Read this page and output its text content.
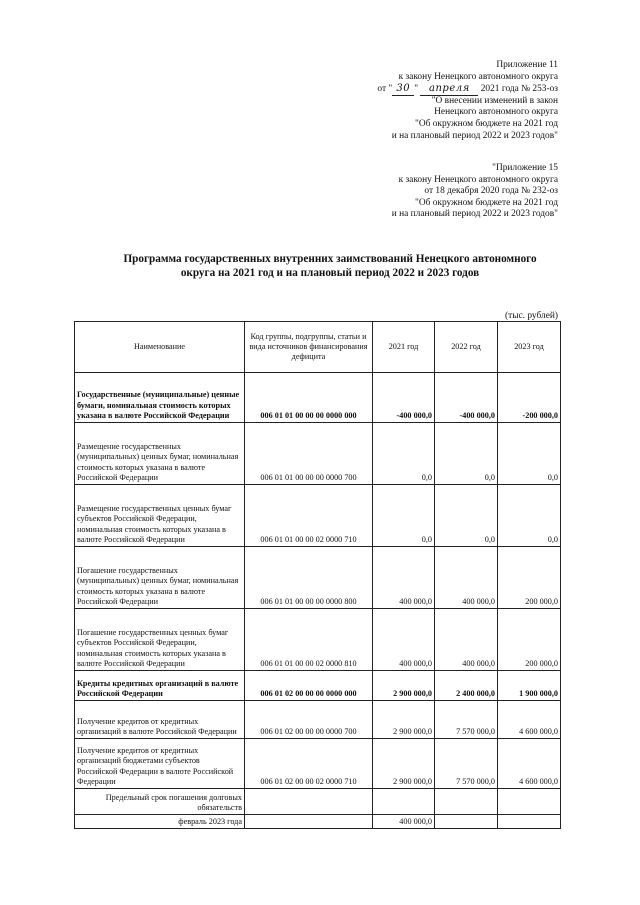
Приложение 11
к закону Ненецкого автономного округа
от " 30 " апреля 2021 года № 253-оз
"О внесении изменений в закон
Ненецкого автономного округа
"Об окружном бюджете на 2021 год
и на плановый период 2022 и 2023 годов"
"Приложение 15
к закону Ненецкого автономного округа
от 18 декабря 2020 года № 232-оз
"Об окружном бюджете на 2021 год
и на плановый период 2022 и 2023 годов"
Программа государственных внутренних заимствований Ненецкого автономного
округа на 2021 год и на плановый период 2022 и 2023 годов
(тыс. рублей)
Наименование	Код группы, подгруппы, статьи и вида источников финансирования дефицита	2021 год	2022 год	2023 год
Государственные (муниципальные) ценные бумаги, номинальная стоимость которых указана в валюте Российской Федерации	006 01 01 00 00 00 0000 000	-400 000,0	-400 000,0	-200 000,0
Размещение государственных (муниципальных) ценных бумаг, номинальная стоимость которых указана в валюте Российской Федерации	006 01 01 00 00 00 0000 700	0,0	0,0	0,0
Размещение государственных ценных бумаг субъектов Российской Федерации, номинальная стоимость которых указана в валюте Российской Федерации	006 01 01 00 00 02 0000 710	0,0	0,0	0,0
Погашение государственных (муниципальных) ценных бумаг, номинальная стоимость которых указана в валюте Российской Федерации	006 01 01 00 00 00 0000 800	400 000,0	400 000,0	200 000,0
Погашение государственных ценных бумаг субъектов Российской Федерации, номинальная стоимость которых указана в валюте Российской Федерации	006 01 01 00 00 02 0000 810	400 000,0	400 000,0	200 000,0
Кредиты кредитных организаций в валюте Российской Федерации	006 01 02 00 00 00 0000 000	2 900 000,0	2 400 000,0	1 900 000,0
Получение кредитов от кредитных организаций в валюте Российской Федерации	006 01 02 00 00 00 0000 700	2 900 000,0	7 570 000,0	4 600 000,0
Получение кредитов от кредитных организаций бюджетами субъектов Российской Федерации в валюте Российской Федерации	006 01 02 00 00 02 0000 710	2 900 000,0	7 570 000,0	4 600 000,0
Предельный срок погашения долговых обязательств				
февраль 2023 года		400 000,0		
